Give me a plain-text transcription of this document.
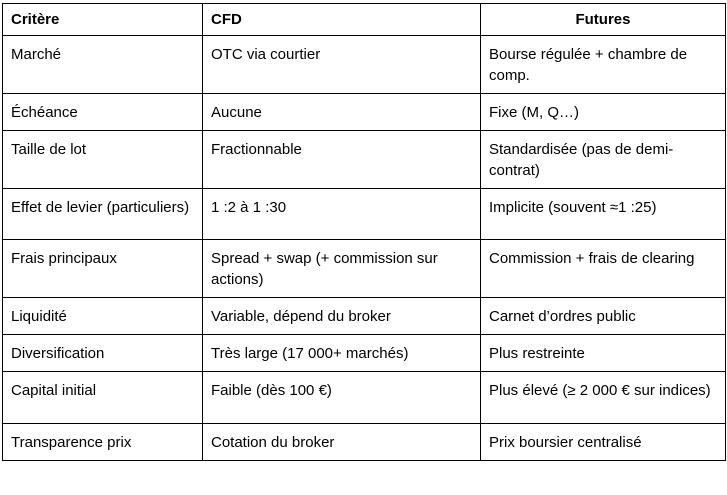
Critère	CFD	Futures
Marché	OTC via courtier	Bourse régulée + chambre de comp.
Échéance	Aucune	Fixe (M, Q…)
Taille de lot	Fractionnable	Standardisée (pas de demi-contrat)
Effet de levier (particuliers)	1 :2 à 1 :30	Implicite (souvent ≈1 :25)
Frais principaux	Spread + swap (+ commission sur actions)	Commission + frais de clearing
Liquidité	Variable, dépend du broker	Carnet d’ordres public
Diversification	Très large (17 000+ marchés)	Plus restreinte
Capital initial	Faible (dès 100 €)	Plus élevé (≥ 2 000 € sur indices)
Transparence prix	Cotation du broker	Prix boursier centralisé
